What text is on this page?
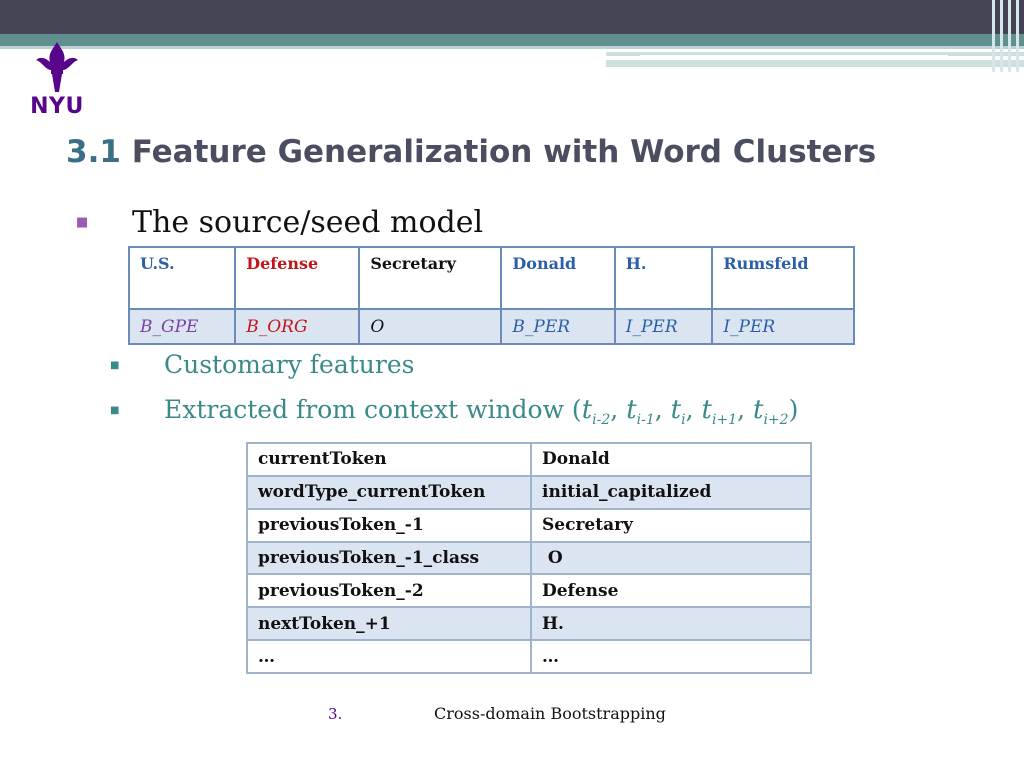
NYU
3.1 Feature Generalization with Word Clusters
■ The source/seed model
U.S.	Defense	Secretary	Donald	H.	Rumsfeld
B_GPE	B_ORG	O	B_PER	I_PER	I_PER
■ Customary features
■ Extracted from context window ($t_{i-2}$, $t_{i-1}$, $t_i$, $t_{i+1}$, $t_{i+2}$)
currentToken	Donald
wordType_currentToken	initial_capitalized
previousToken_-1	Secretary
previousToken_-1_class	O
previousToken_-2	Defense
nextToken_+1	H.
…	…
3.	Cross-domain Bootstrapping
